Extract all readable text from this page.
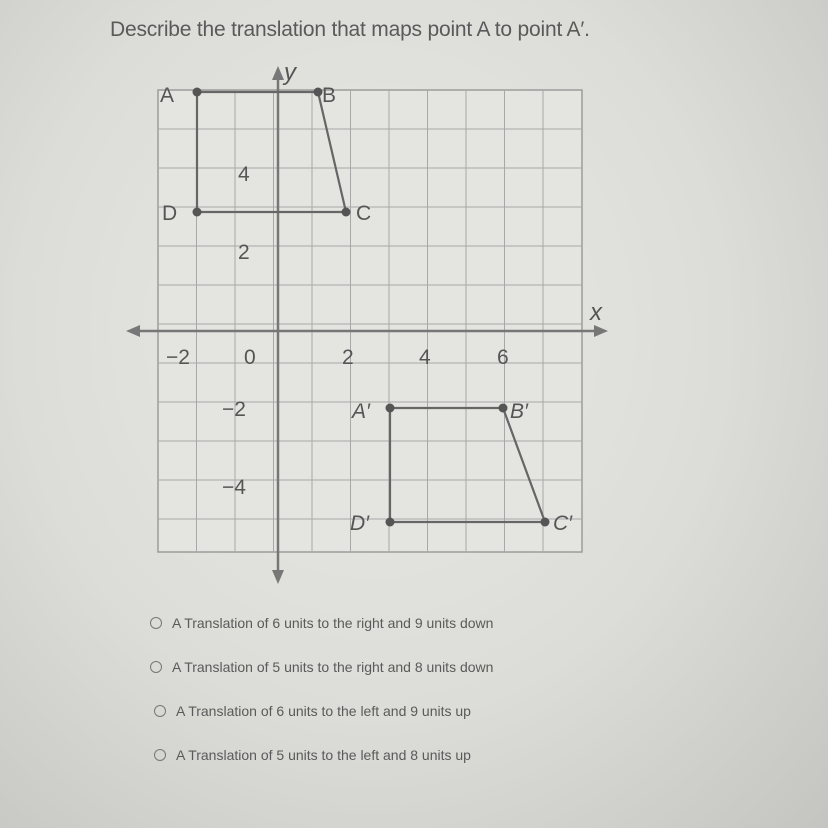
Describe the translation that maps point A to point A′.
x
y
−2	0	2	4	6
4
2
−2
−4
A	B
C
D
A′	B′
C′
D′
A Translation of 6 units to the right and 9 units down
A Translation of 5 units to the right and 8 units down
A Translation of 6 units to the left and 9 units up
A Translation of 5 units to the left and 8 units up
